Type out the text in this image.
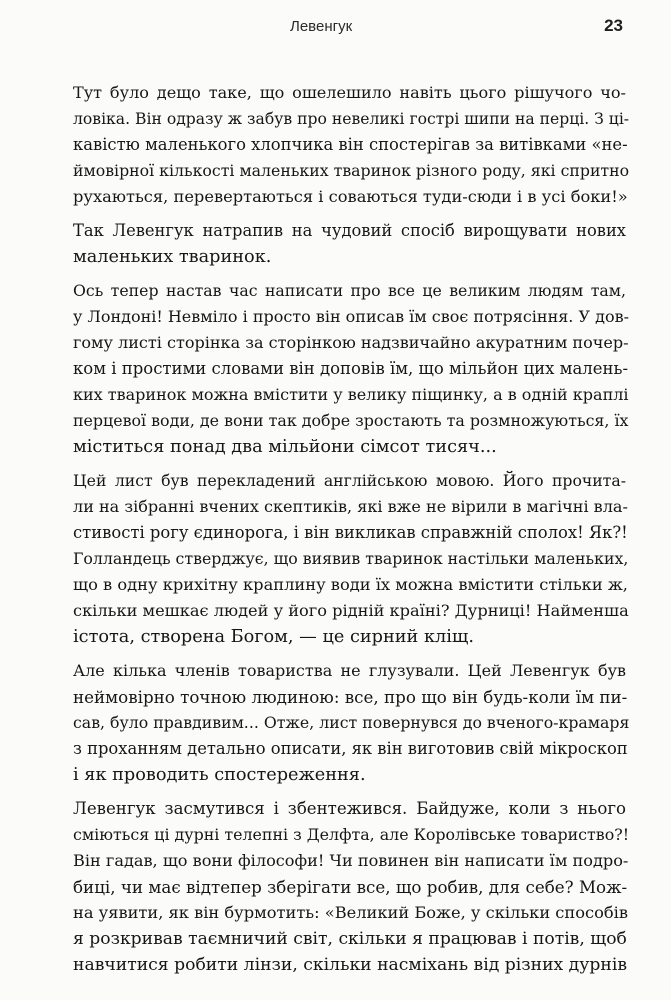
Левенгук	23

Тут було дещо таке, що ошелешило навіть цього рішучого чо-
ловіка. Він одразу ж забув про невеликі гострі шипи на перці. З ці-
кавістю маленького хлопчика він спостерігав за витівками «не-
ймовірної кількості маленьких тваринок різного роду, які спритно
рухаються, перевертаються і соваються туди-сюди і в усі боки!»

Так Левенгук натрапив на чудовий спосіб вирощувати нових
маленьких тваринок.

Ось тепер настав час написати про все це великим людям там,
у Лондоні! Невміло і просто він описав їм своє потрясіння. У дов-
гому листі сторінка за сторінкою надзвичайно акуратним почер-
ком і простими словами він доповів їм, що мільйон цих малень-
ких тваринок можна вмістити у велику піщинку, а в одній краплі
перцевої води, де вони так добре зростають та розмножуються, їх
міститься понад два мільйони сімсот тисяч...

Цей лист був перекладений англійською мовою. Його прочита-
ли на зібранні вчених скептиків, які вже не вірили в магічні вла-
стивості рогу єдинорога, і він викликав справжній сполох! Як?!
Голландець стверджує, що виявив тваринок настільки маленьких,
що в одну крихітну краплину води їх можна вмістити стільки ж,
скільки мешкає людей у його рідній країні? Дурниці! Найменша
істота, створена Богом, — це сирний кліщ.

Але кілька членів товариства не глузували. Цей Левенгук був
неймовірно точною людиною: все, про що він будь-коли їм пи-
сав, було правдивим... Отже, лист повернувся до вченого-крамаря
з проханням детально описати, як він виготовив свій мікроскоп
і як проводить спостереження.

Левенгук засмутився і збентежився. Байдуже, коли з нього
сміються ці дурні телепні з Делфта, але Королівське товариство?!
Він гадав, що вони філософи! Чи повинен він написати їм подро-
биці, чи має відтепер зберігати все, що робив, для себе? Мож-
на уявити, як він бурмотить: «Великий Боже, у скільки способів
я розкривав таємничий світ, скільки я працював і потів, щоб
навчитися робити лінзи, скільки насміхань від різних дурнів
